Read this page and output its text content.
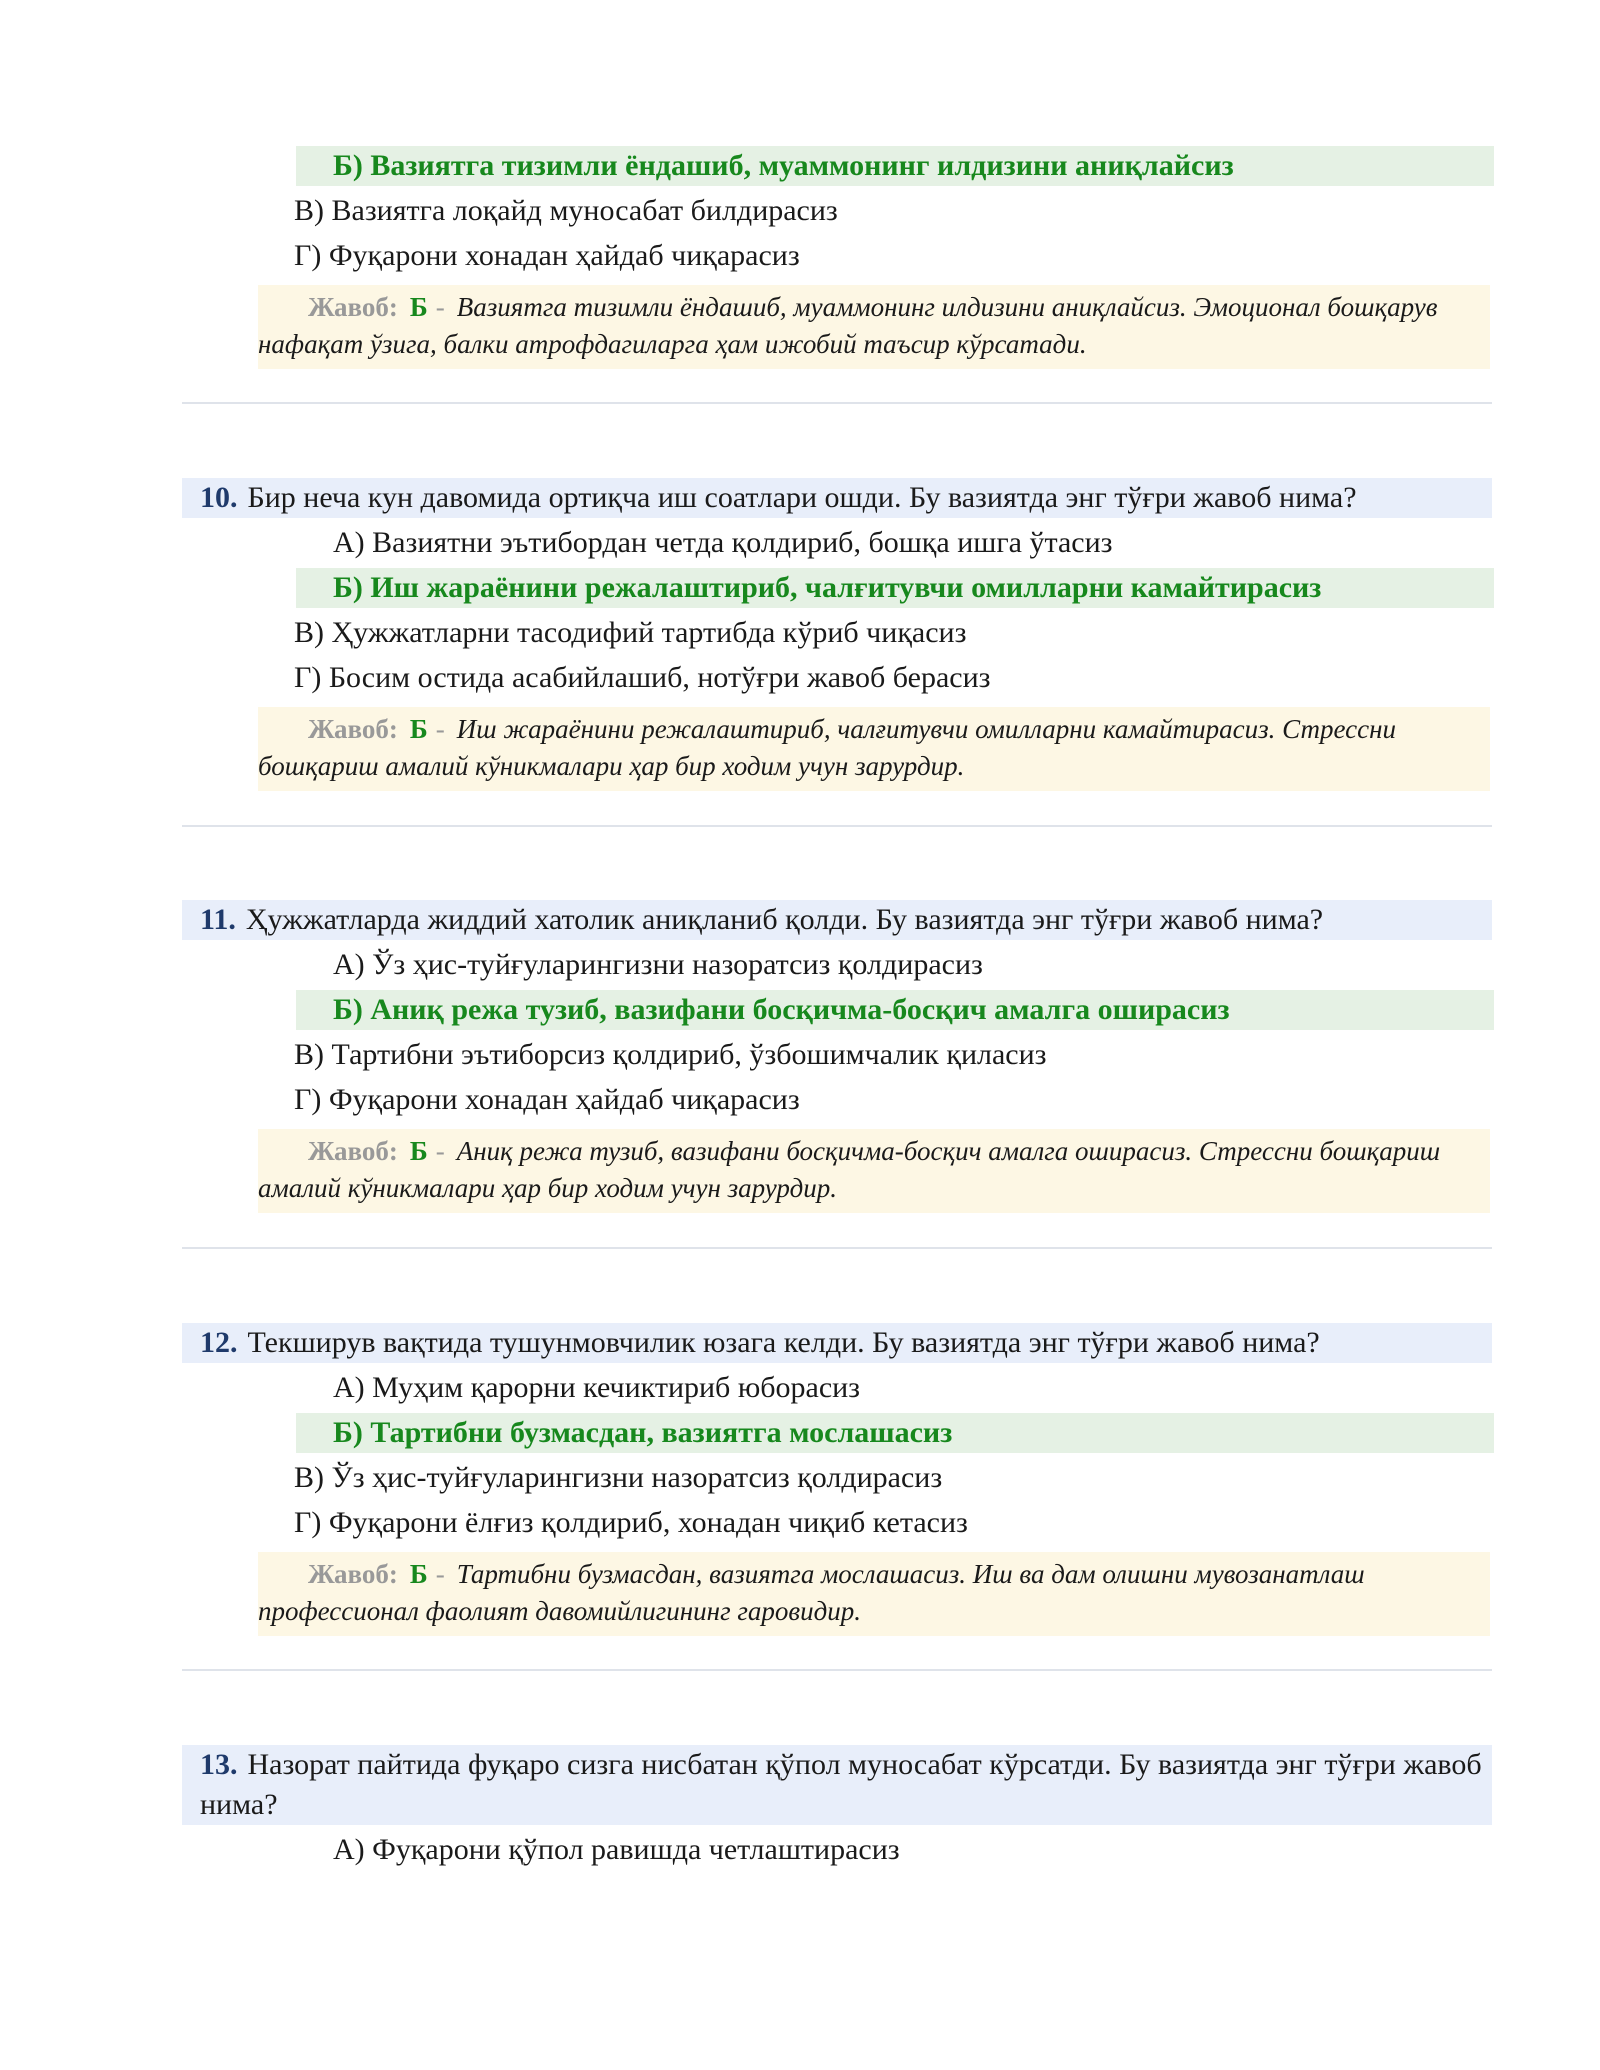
Б) Вазиятга тизимли ёндашиб, муаммонинг илдизини аниқлайсиз
В) Вазиятга лоқайд муносабат билдирасиз
Г) Фуқарони хонадан ҳайдаб чиқарасиз
Жавоб: Б - Вазиятга тизимли ёндашиб, муаммонинг илдизини аниқлайсиз. Эмоционал бошқарув нафақат ўзига, балки атрофдагиларга ҳам ижобий таъсир кўрсатади.
10. Бир неча кун давомида ортиқча иш соатлари ошди. Бу вазиятда энг тўғри жавоб нима?
А) Вазиятни эътибордан четда қолдириб, бошқа ишга ўтасиз
Б) Иш жараёнини режалаштириб, чалғитувчи омилларни камайтирасиз
В) Ҳужжатларни тасодифий тартибда кўриб чиқасиз
Г) Босим остида асабийлашиб, нотўғри жавоб берасиз
Жавоб: Б - Иш жараёнини режалаштириб, чалғитувчи омилларни камайтирасиз. Стрессни бошқариш амалий кўникмалари ҳар бир ходим учун зарурдир.
11. Ҳужжатларда жиддий хатолик аниқланиб қолди. Бу вазиятда энг тўғри жавоб нима?
А) Ўз ҳис-туйғуларингизни назоратсиз қолдирасиз
Б) Аниқ режа тузиб, вазифани босқичма-босқич амалга оширасиз
В) Тартибни эътиборсиз қолдириб, ўзбошимчалик қиласиз
Г) Фуқарони хонадан ҳайдаб чиқарасиз
Жавоб: Б - Аниқ режа тузиб, вазифани босқичма-босқич амалга оширасиз. Стрессни бошқариш амалий кўникмалари ҳар бир ходим учун зарурдир.
12. Текширув вақтида тушунмовчилик юзага келди. Бу вазиятда энг тўғри жавоб нима?
А) Муҳим қарорни кечиктириб юборасиз
Б) Тартибни бузмасдан, вазиятга мослашасиз
В) Ўз ҳис-туйғуларингизни назоратсиз қолдирасиз
Г) Фуқарони ёлғиз қолдириб, хонадан чиқиб кетасиз
Жавоб: Б - Тартибни бузмасдан, вазиятга мослашасиз. Иш ва дам олишни мувозанатлаш профессионал фаолият давомийлигининг гаровидир.
13. Назорат пайтида фуқаро сизга нисбатан қўпол муносабат кўрсатди. Бу вазиятда энг тўғри жавоб нима?
А) Фуқарони қўпол равишда четлаштирасиз
